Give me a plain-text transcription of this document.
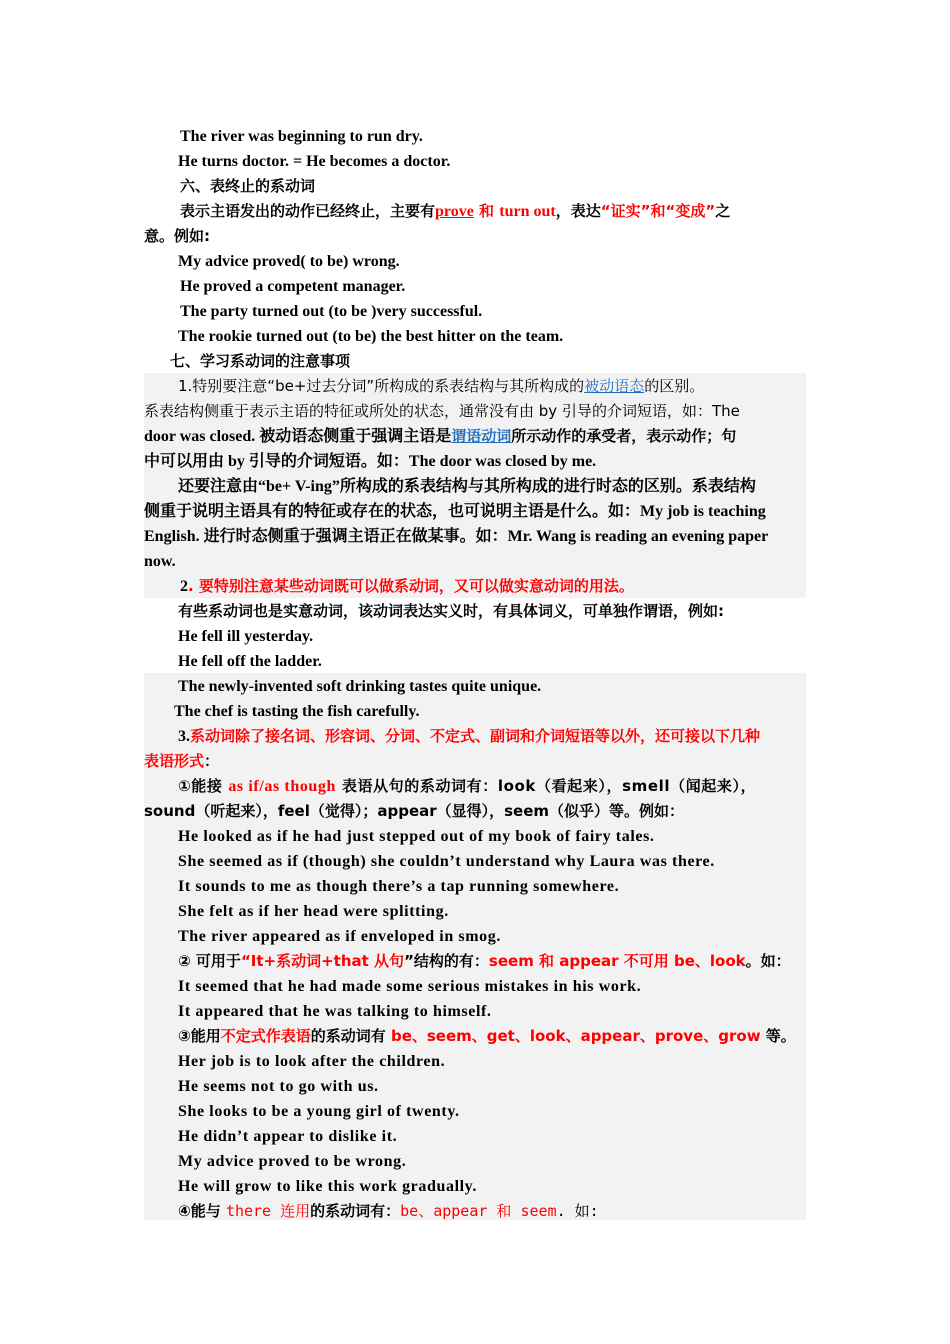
The river was beginning to run dry.
He turns doctor. = He becomes a doctor.
六、表终止的系动词
表示主语发出的动作已经终止，主要有prove 和 turn out，表达“证实”和“变成”之
意。例如:
My advice proved( to be) wrong.
He proved a competent manager.
The party turned out (to be )very successful.
The rookie turned out (to be) the best hitter on the team.
七、学习系动词的注意事项
1.特别要注意“be+过去分词”所构成的系表结构与其所构成的被动语态的区别。
系表结构侧重于表示主语的特征或所处的状态，通常没有由 by 引导的介词短语，如：The
door was closed. 被动语态侧重于强调主语是谓语动词所示动作的承受者，表示动作；句
中可以用由 by 引导的介词短语。如：The door was closed by me.
还要注意由“be+ V-ing”所构成的系表结构与其所构成的进行时态的区别。系表结构
侧重于说明主语具有的特征或存在的状态，也可说明主语是什么。如：My job is teaching
English. 进行时态侧重于强调主语正在做某事。如：Mr. Wang is reading an evening paper
now.
2. 要特别注意某些动词既可以做系动词，又可以做实意动词的用法。
有些系动词也是实意动词，该动词表达实义时，有具体词义，可单独作谓语，例如:
He fell ill yesterday.
He fell off the ladder.
The newly-invented soft drinking tastes quite unique.
The chef is tasting the fish carefully.
3.系动词除了接名词、形容词、分词、不定式、副词和介词短语等以外，还可接以下几种
表语形式：
①能接 as if/as though 表语从句的系动词有：look（看起来），smell（闻起来），
sound（听起来），feel（觉得）；appear（显得），seem（似乎）等。例如：
He looked as if he had just stepped out of my book of fairy tales.
She seemed as if (though) she couldn’t understand why Laura was there.
It sounds to me as though there’s a tap running somewhere.
She felt as if her head were splitting.
The river appeared as if enveloped in smog.
② 可用于“It+系动词+that 从句”结构的有：seem 和 appear 不可用 be、look。如：
It seemed that he had made some serious mistakes in his work.
It appeared that he was talking to himself.
③能用不定式作表语的系动词有 be、seem、get、look、appear、prove、grow 等。
Her job is to look after the children.
He seems not to go with us.
She looks to be a young girl of twenty.
He didn’t appear to dislike it.
My advice proved to be wrong.
He will grow to like this work gradually.
④能与 there 连用的系动词有：be、appear 和 seem. 如:
